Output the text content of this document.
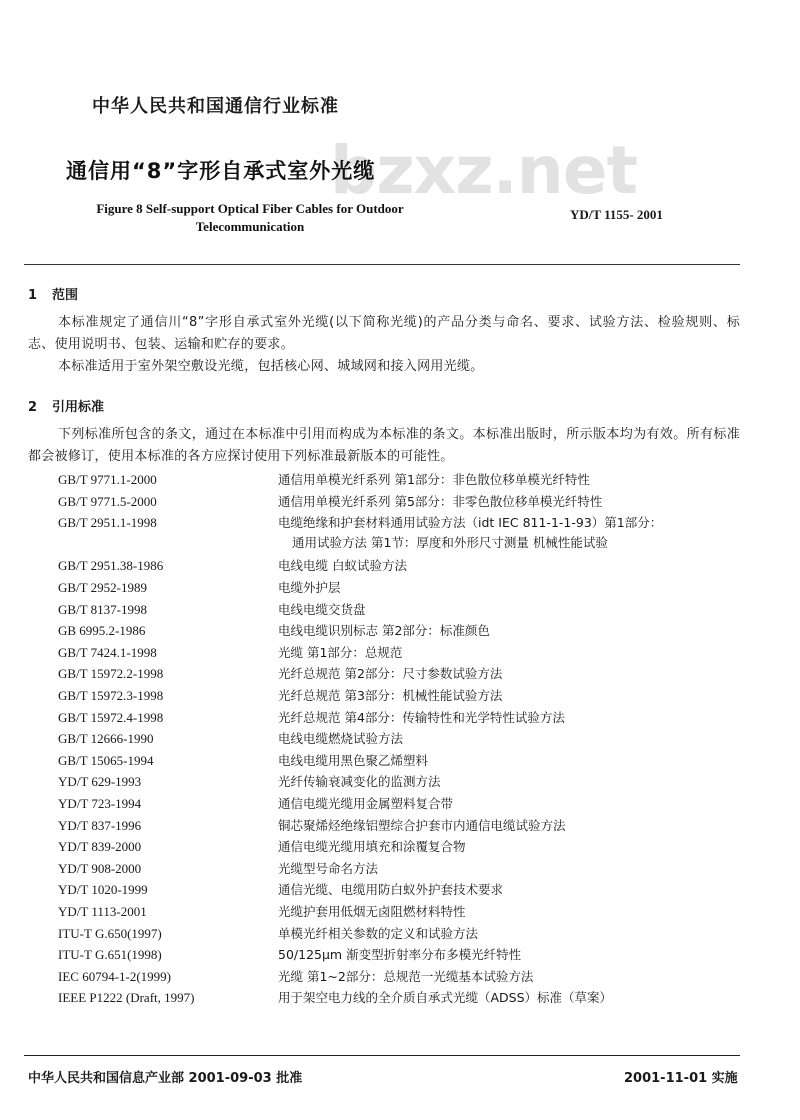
bzxz.net
中华人民共和国通信行业标准
通信用“8”字形自承式室外光缆
Figure 8 Self-support Optical Fiber Cables for Outdoor
Telecommunication
YD/T 1155- 2001
1 范围
本标准规定了通信川“8”字形自承式室外光缆(以下简称光缆)的产品分类与命名、要求、试验方法、检验规则、标志、使用说明书、包装、运输和贮存的要求。
本标准适用于室外架空敷设光缆，包括核心网、城域网和接入网用光缆。
2 引用标准
下列标准所包含的条文，通过在本标准中引用而构成为本标准的条文。本标准出版时，所示版本均为有效。所有标准都会被修订，使用本标准的各方应探讨使用下列标准最新版本的可能性。
GB/T 9771.1-2000	通信用单模光纤系列 第1部分：非色散位移单模光纤特性
GB/T 9771.5-2000	通信用单模光纤系列 第5部分：非零色散位移单模光纤特性
GB/T 2951.1-1998	电缆绝缘和护套材料通用试验方法（idt IEC 811-1-1-93）第1部分：
通用试验方法 第1节：厚度和外形尺寸测量 机械性能试验
GB/T 2951.38-1986	电线电缆 白蚁试验方法
GB/T 2952-1989	电缆外护层
GB/T 8137-1998	电线电缆交货盘
GB 6995.2-1986	电线电缆识别标志 第2部分：标准颜色
GB/T 7424.1-1998	光缆 第1部分：总规范
GB/T 15972.2-1998	光纤总规范 第2部分：尺寸参数试验方法
GB/T 15972.3-1998	光纤总规范 第3部分：机械性能试验方法
GB/T 15972.4-1998	光纤总规范 第4部分：传输特性和光学特性试验方法
GB/T 12666-1990	电线电缆燃烧试验方法
GB/T 15065-1994	电线电缆用黑色聚乙烯塑料
YD/T 629-1993	光纤传输衰减变化的监测方法
YD/T 723-1994	通信电缆光缆用金属塑料复合带
YD/T 837-1996	铜芯聚烯烃绝缘铝塑综合护套市内通信电缆试验方法
YD/T 839-2000	通信电缆光缆用填充和涂覆复合物
YD/T 908-2000	光缆型号命名方法
YD/T 1020-1999	通信光缆、电缆用防白蚁外护套技术要求
YD/T 1113-2001	光缆护套用低烟无卤阻燃材料特性
ITU-T G.650(1997)	单模光纤相关参数的定义和试验方法
ITU-T G.651(1998)	50/125μm 渐变型折射率分布多模光纤特性
IEC 60794-1-2(1999)	光缆 第1~2部分：总规范一光缆基本试验方法
IEEE P1222 (Draft, 1997)	用于架空电力线的全介质自承式光缆（ADSS）标准（草案）
中华人民共和国信息产业部 2001-09-03 批准	2001-11-01 实施
